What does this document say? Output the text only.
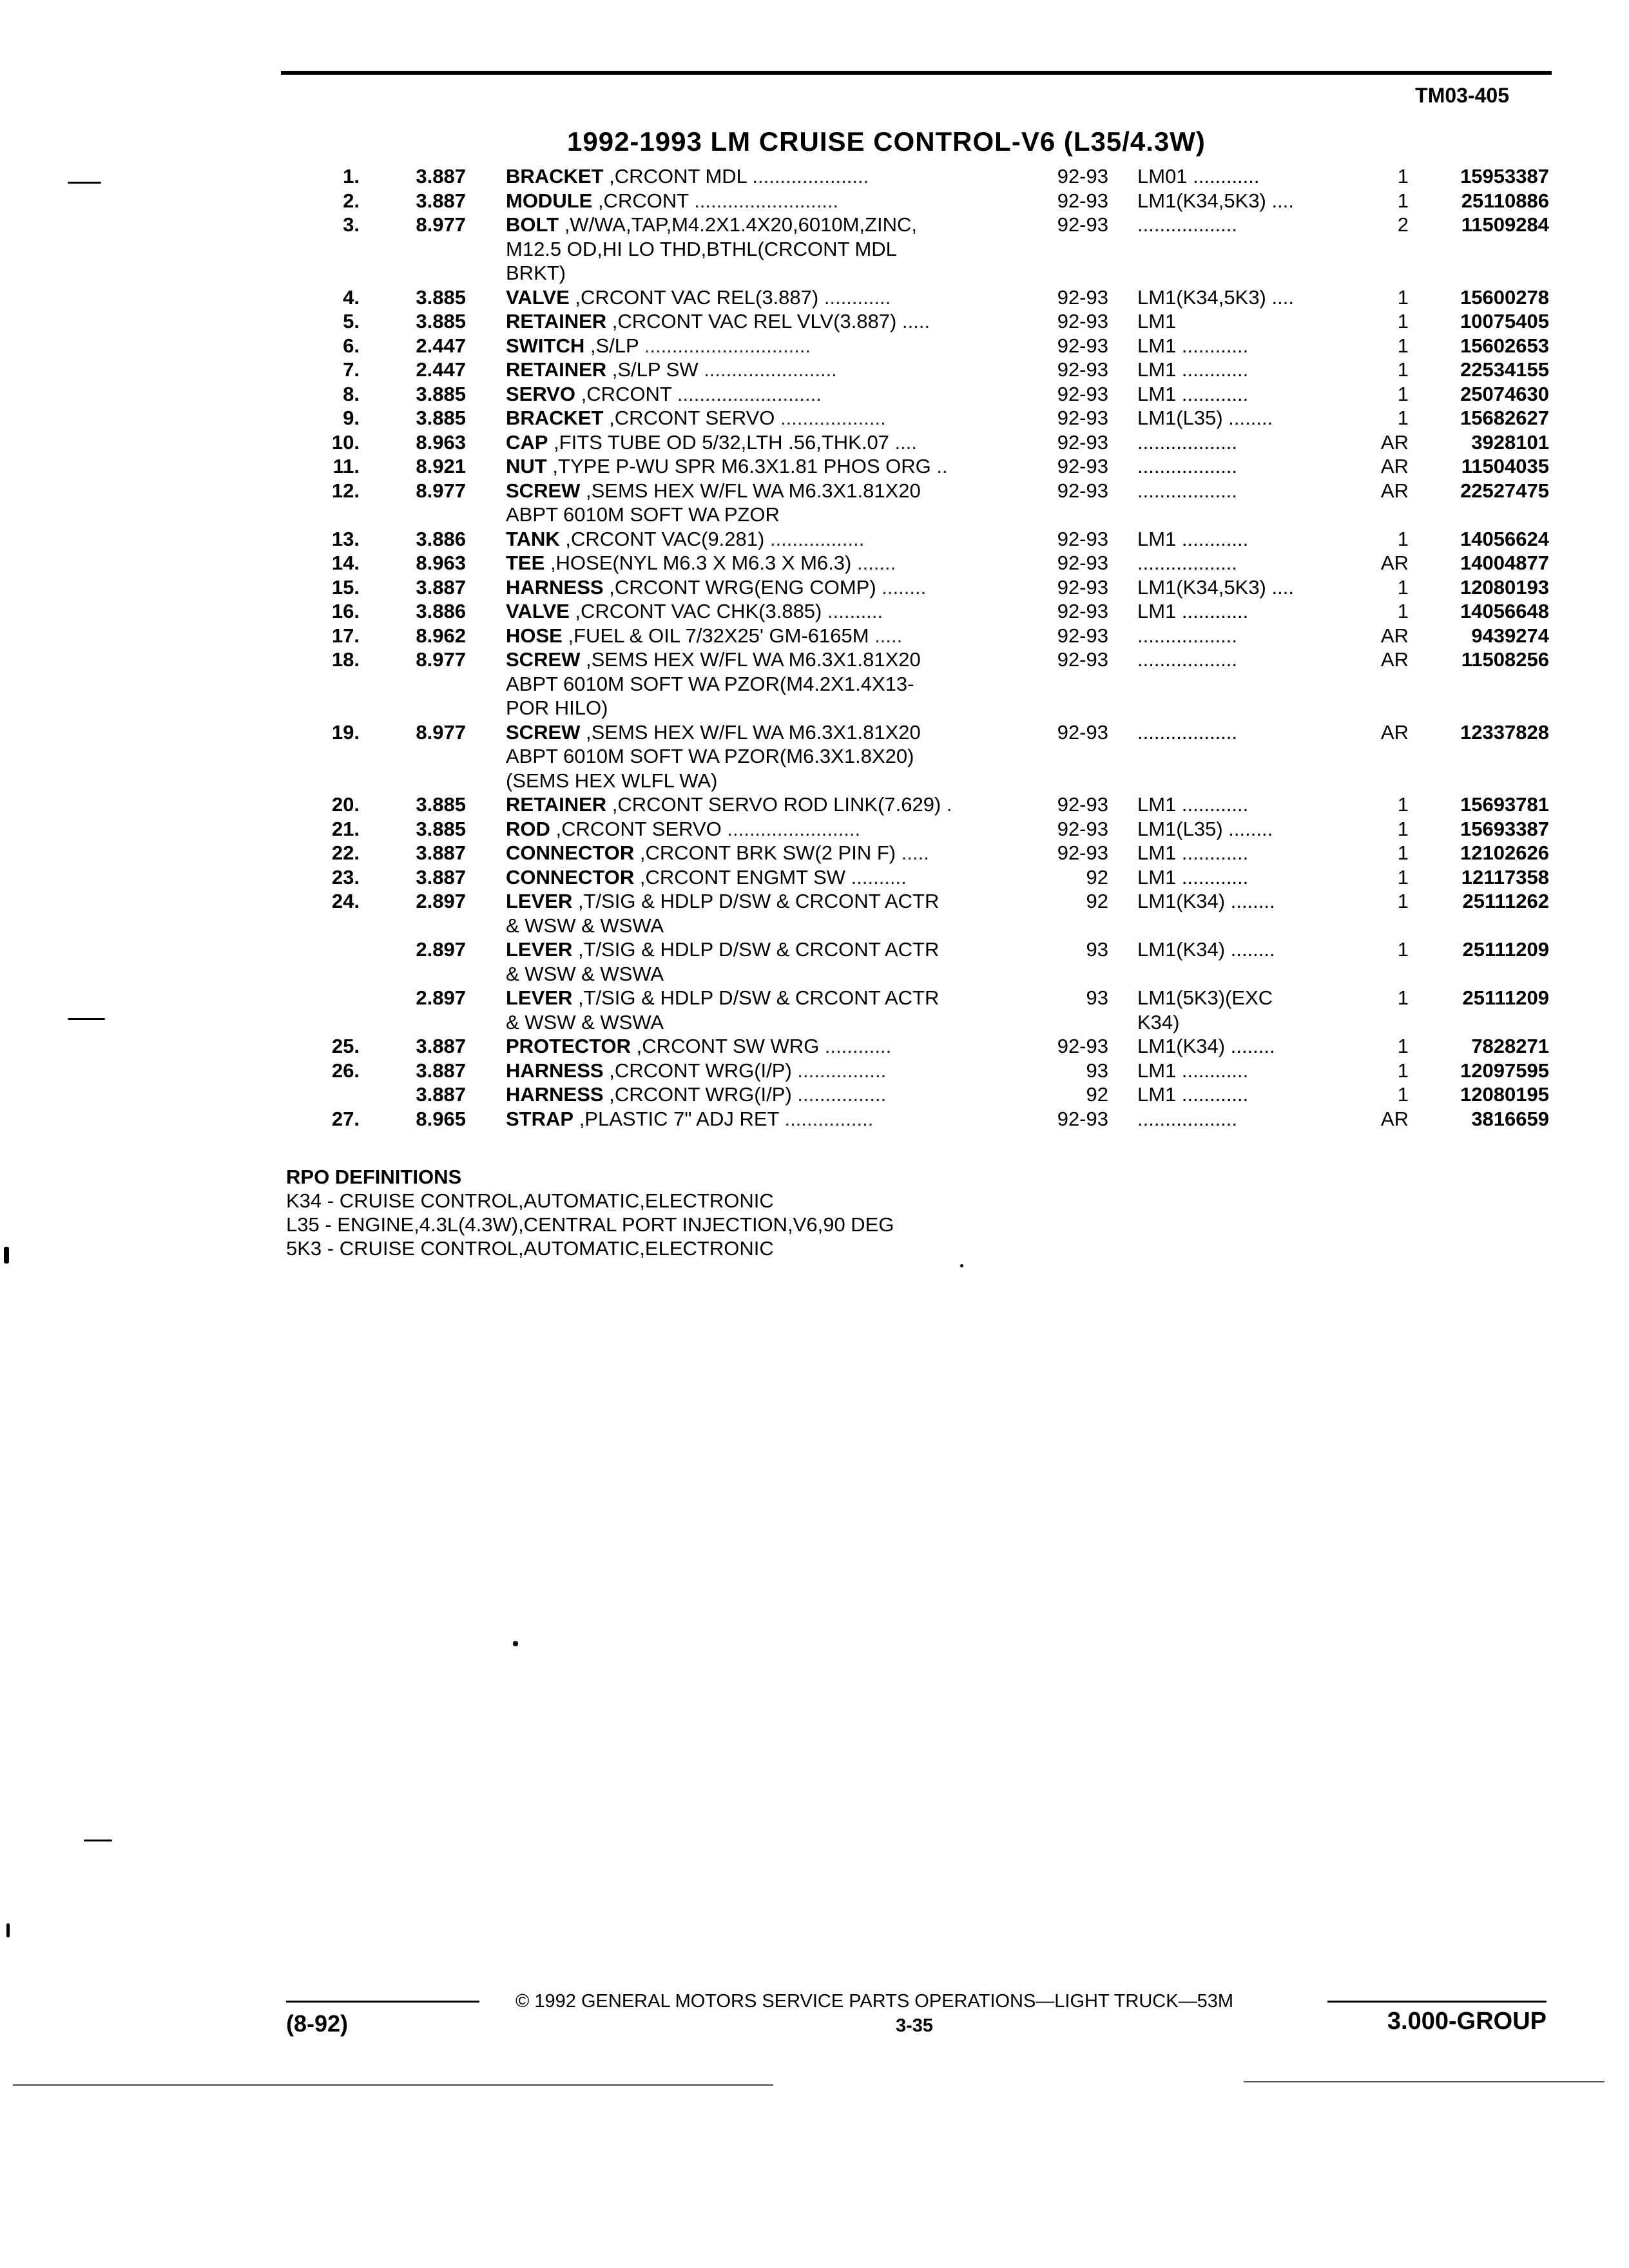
TM03-405
1992-1993 LM CRUISE CONTROL-V6 (L35/4.3W)
1.	3.887 BRACKET ,CRCONT MDL .....................	92-93 LM01 ............	1	15953387
2.	3.887 MODULE ,CRCONT ..........................	92-93 LM1(K34,5K3) ....	1	25110886
3.	8.977 BOLT ,W/WA,TAP,M4.2X1.4X20,6010M,ZINC,
M12.5 OD,HI LO THD,BTHL(CRCONT MDL
BRKT)
92-93 ..................	2	11509284
4.	3.885 VALVE ,CRCONT VAC REL(3.887) ............	92-93 LM1(K34,5K3) ....	1	15600278
5.	3.885 RETAINER ,CRCONT VAC REL VLV(3.887) .....	92-93 LM1	1	10075405
6.	2.447 SWITCH ,S/LP ..............................	92-93 LM1 ............	1	15602653
7.	2.447 RETAINER ,S/LP SW ........................	92-93 LM1 ............	1	22534155
8.	3.885 SERVO ,CRCONT ..........................	92-93 LM1 ............	1	25074630
9.	3.885 BRACKET ,CRCONT SERVO ...................	92-93 LM1(L35) ........	1	15682627
10.	8.963 CAP ,FITS TUBE OD 5/32,LTH .56,THK.07 ....	92-93 ..................	AR	3928101
11.	8.921 NUT ,TYPE P-WU SPR M6.3X1.81 PHOS ORG ..	92-93 ..................	AR	11504035
12.	8.977 SCREW ,SEMS HEX W/FL WA M6.3X1.81X20
ABPT 6010M SOFT WA PZOR
92-93 ..................	AR	22527475
13.	3.886 TANK ,CRCONT VAC(9.281) .................	92-93 LM1 ............	1	14056624
14.	8.963 TEE ,HOSE(NYL M6.3 X M6.3 X M6.3) .......	92-93 ..................	AR	14004877
15.	3.887 HARNESS ,CRCONT WRG(ENG COMP) ........	92-93 LM1(K34,5K3) ....	1	12080193
16.	3.886 VALVE ,CRCONT VAC CHK(3.885) ..........	92-93 LM1 ............	1	14056648
17.	8.962 HOSE ,FUEL & OIL 7/32X25' GM-6165M .....	92-93 ..................	AR	9439274
18.	8.977 SCREW ,SEMS HEX W/FL WA M6.3X1.81X20
ABPT 6010M SOFT WA PZOR(M4.2X1.4X13-
POR HILO)
92-93 ..................	AR	11508256
19.	8.977 SCREW ,SEMS HEX W/FL WA M6.3X1.81X20
ABPT 6010M SOFT WA PZOR(M6.3X1.8X20)
(SEMS HEX WLFL WA)
92-93 ..................	AR	12337828
20.	3.885 RETAINER ,CRCONT SERVO ROD LINK(7.629) .	92-93 LM1 ............	1	15693781
21.	3.885 ROD ,CRCONT SERVO ........................	92-93 LM1(L35) ........	1	15693387
22.	3.887 CONNECTOR ,CRCONT BRK SW(2 PIN F) .....	92-93 LM1 ............	1	12102626
23.	3.887 CONNECTOR ,CRCONT ENGMT SW ..........	92 LM1 ............	1	12117358
24.	2.897 LEVER ,T/SIG & HDLP D/SW & CRCONT ACTR
& WSW & WSWA
92 LM1(K34) ........	1	25111262
2.897 LEVER ,T/SIG & HDLP D/SW & CRCONT ACTR
& WSW & WSWA
93 LM1(K34) ........	1	25111209
2.897 LEVER ,T/SIG & HDLP D/SW & CRCONT ACTR
& WSW & WSWA
93 LM1(5K3)(EXC
K34)
1	25111209
25.	3.887 PROTECTOR ,CRCONT SW WRG ............	92-93 LM1(K34) ........	1	7828271
26.	3.887 HARNESS ,CRCONT WRG(I/P) ................	93 LM1 ............	1	12097595
3.887 HARNESS ,CRCONT WRG(I/P) ................	92 LM1 ............	1	12080195
27.	8.965 STRAP ,PLASTIC 7" ADJ RET ................	92-93 ..................	AR	3816659
RPO DEFINITIONS
K34 - CRUISE CONTROL,AUTOMATIC,ELECTRONIC
L35 - ENGINE,4.3L(4.3W),CENTRAL PORT INJECTION,V6,90 DEG
5K3 - CRUISE CONTROL,AUTOMATIC,ELECTRONIC
© 1992 GENERAL MOTORS SERVICE PARTS OPERATIONS—LIGHT TRUCK—53M
(8-92)	3-35	3.000-GROUP
